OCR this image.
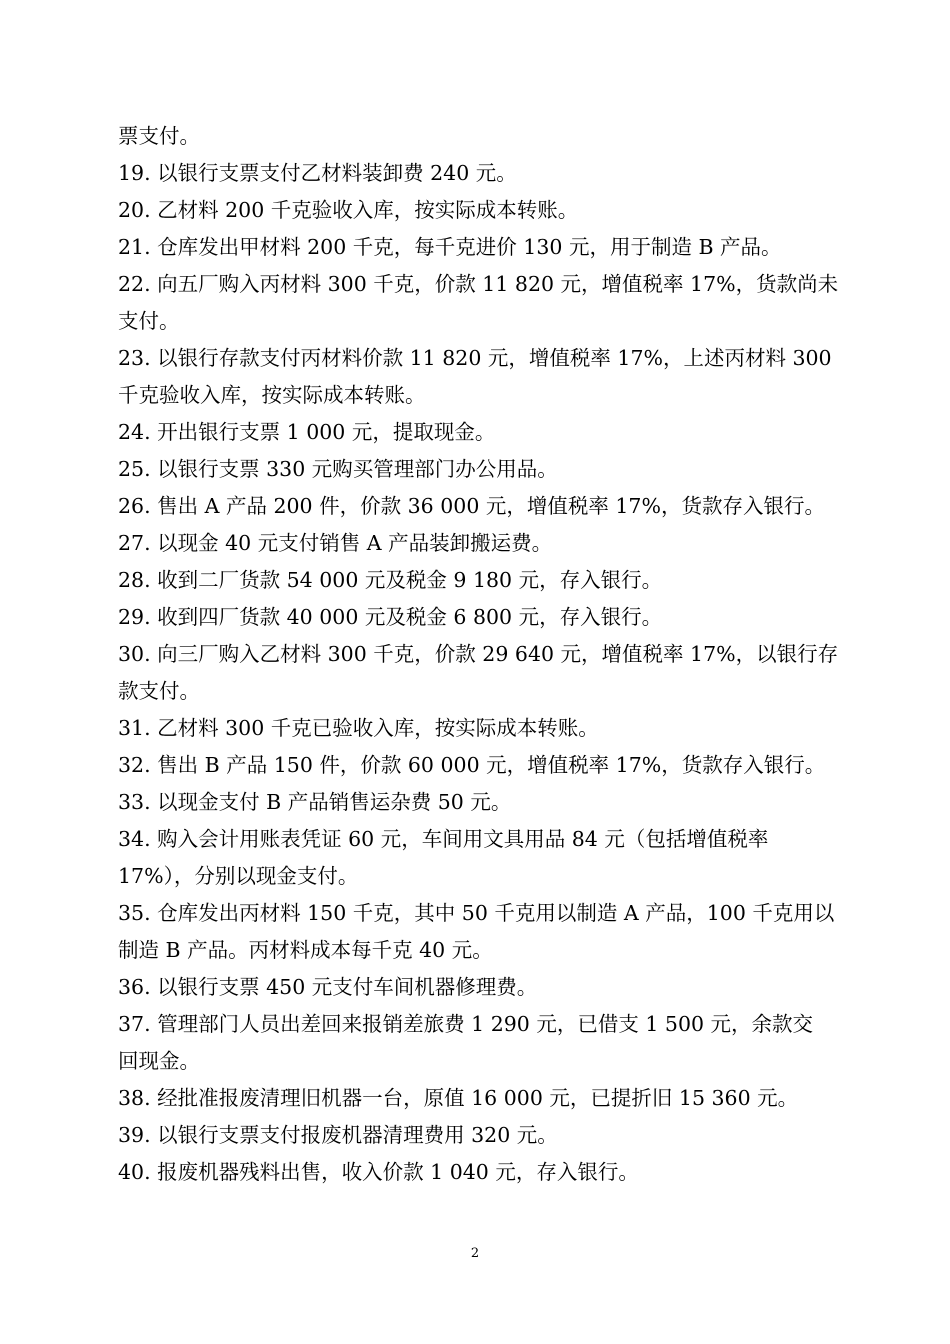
票支付。
19. 以银行支票支付乙材料装卸费 240 元。
20. 乙材料 200 千克验收入库，按实际成本转账。
21. 仓库发出甲材料 200 千克，每千克进价 130 元，用于制造 B 产品。
22. 向五厂购入丙材料 300 千克，价款 11 820 元，增值税率 17%，货款尚未
支付。
23. 以银行存款支付丙材料价款 11 820 元，增值税率 17%，上述丙材料 300
千克验收入库，按实际成本转账。
24. 开出银行支票 1 000 元，提取现金。
25. 以银行支票 330 元购买管理部门办公用品。
26. 售出 A 产品 200 件，价款 36 000 元，增值税率 17%，货款存入银行。
27. 以现金 40 元支付销售 A 产品装卸搬运费。
28. 收到二厂货款 54 000 元及税金 9 180 元，存入银行。
29. 收到四厂货款 40 000 元及税金 6 800 元，存入银行。
30. 向三厂购入乙材料 300 千克，价款 29 640 元，增值税率 17%，以银行存
款支付。
31. 乙材料 300 千克已验收入库，按实际成本转账。
32. 售出 B 产品 150 件，价款 60 000 元，增值税率 17%，货款存入银行。
33. 以现金支付 B 产品销售运杂费 50 元。
34. 购入会计用账表凭证 60 元，车间用文具用品 84 元（包括增值税率
17%），分别以现金支付。
35. 仓库发出丙材料 150 千克，其中 50 千克用以制造 A 产品，100 千克用以
制造 B 产品。丙材料成本每千克 40 元。
36. 以银行支票 450 元支付车间机器修理费。
37. 管理部门人员出差回来报销差旅费 1 290 元，已借支 1 500 元，余款交
回现金。
38. 经批准报废清理旧机器一台，原值 16 000 元，已提折旧 15 360 元。
39. 以银行支票支付报废机器清理费用 320 元。
40. 报废机器残料出售，收入价款 1 040 元，存入银行。
2
